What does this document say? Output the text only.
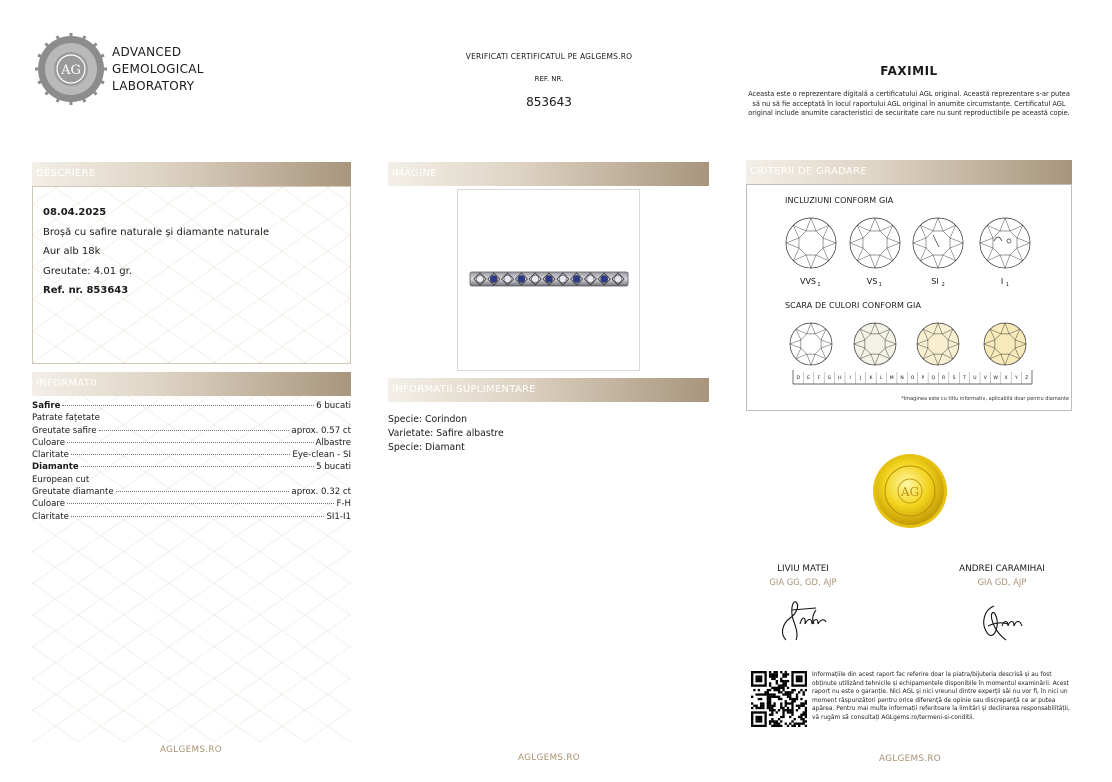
AG
ADVANCED
GEMOLOGICAL
LABORATORY
VERIFICATI CERTIFICATUL PE AGLGEMS.RO
REF. NR.
853643
FAXIMIL
Aceasta este o reprezentare digitală a certificatului AGL original. Această reprezentare s-ar putea să nu să fie acceptată în locul raportului AGL original în anumite circumstanțe. Certificatul AGL original include anumite caracteristici de securitate care nu sunt reproductibile pe această copie.
DESCRIERE
08.04.2025
Broșă cu safire naturale și diamante naturale
Aur alb 18k
Greutate: 4.01 gr.
Ref. nr. 853643
INFORMATII
Safire	6 bucati
Patrate fațetate
Greutate safire	aprox. 0.57 ct
Culoare	Albastre
Claritate	Eye-clean - SI
Diamante	5 bucati
European cut
Greutate diamante	aprox. 0.32 ct
Culoare	F-H
Claritate	SI1-I1
IMAGINE
INFORMATII SUPLIMENTARE
Specie: Corindon
Varietate: Safire albastre
Specie: Diamant
CRITERII DE GRADARE
INCLUZIUNI CONFORM GIA
VVS 1	VS 1	SI 2	I 1
D E F G H I J K L M N O P Q R S T U V W X Y Z
SCARA DE CULORI CONFORM GIA
*Imaginea este cu titlu informativ, aplicabilă doar pentru diamante
AG
LIVIU MATEI
GIA GG, GD, AJP
ANDREI CARAMIHAI
GIA GD, AJP
Informațiile din acest raport fac referire doar la piatra/bijuteria descrisă și au fost obținute utilizând tehnicile și echipamentele disponibile în momentul examinării. Acest raport nu este o garanție. Nici AGL și nici vreunul dintre experții săi nu vor fi, în nici un moment răspunzători pentru orice diferență de opinie sau discrepanță ce ar putea apărea. Pentru mai multe informații referitoare la limitări și declinarea responsabilității, vă rugăm să consultați AGLgems.ro/termeni-si-conditii.
AGLGEMS.RO
AGLGEMS.RO	AGLGEMS.RO
